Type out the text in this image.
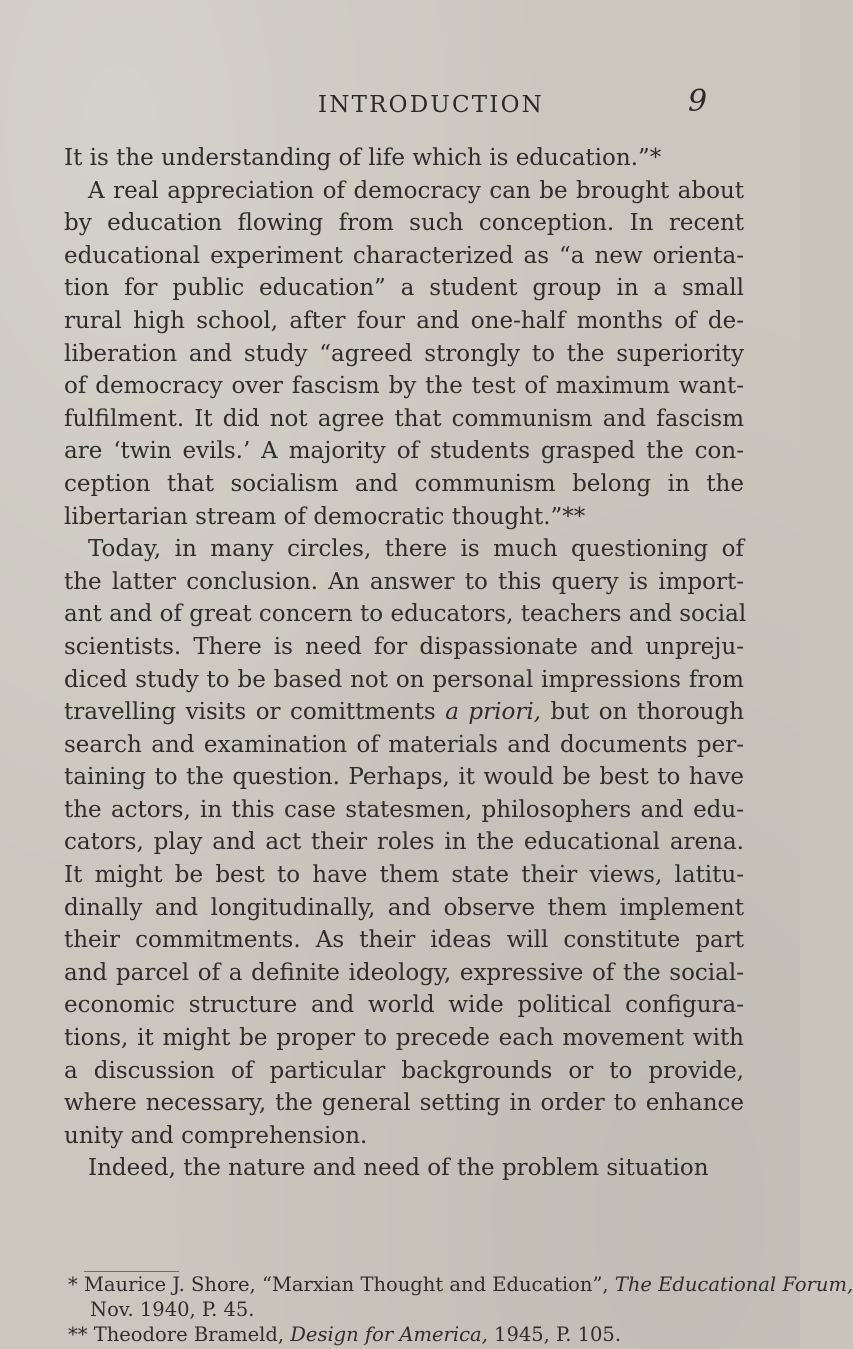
INTRODUCTION	9
It is the understanding of life which is education.”*
A real appreciation of democracy can be brought about
by education flowing from such conception. In recent
educational experiment characterized as “a new orienta-
tion for public education” a student group in a small
rural high school, after four and one-half months of de-
liberation and study “agreed strongly to the superiority
of democracy over fascism by the test of maximum want-
fulfilment. It did not agree that communism and fascism
are ‘twin evils.’ A majority of students grasped the con-
ception that socialism and communism belong in the
libertarian stream of democratic thought.”**
Today, in many circles, there is much questioning of
the latter conclusion. An answer to this query is import-
ant and of great concern to educators, teachers and social
scientists. There is need for dispassionate and unpreju-
diced study to be based not on personal impressions from
travelling visits or comittments a priori, but on thorough
search and examination of materials and documents per-
taining to the question. Perhaps, it would be best to have
the actors, in this case statesmen, philosophers and edu-
cators, play and act their roles in the educational arena.
It might be best to have them state their views, latitu-
dinally and longitudinally, and observe them implement
their commitments. As their ideas will constitute part
and parcel of a definite ideology, expressive of the social-
economic structure and world wide political configura-
tions, it might be proper to precede each movement with
a discussion of particular backgrounds or to provide,
where necessary, the general setting in order to enhance
unity and comprehension.
Indeed, the nature and need of the problem situation
* Maurice J. Shore, “Marxian Thought and Education”, The Educational Forum,
Nov. 1940, P. 45.
** Theodore Brameld, Design for America, 1945, P. 105.
